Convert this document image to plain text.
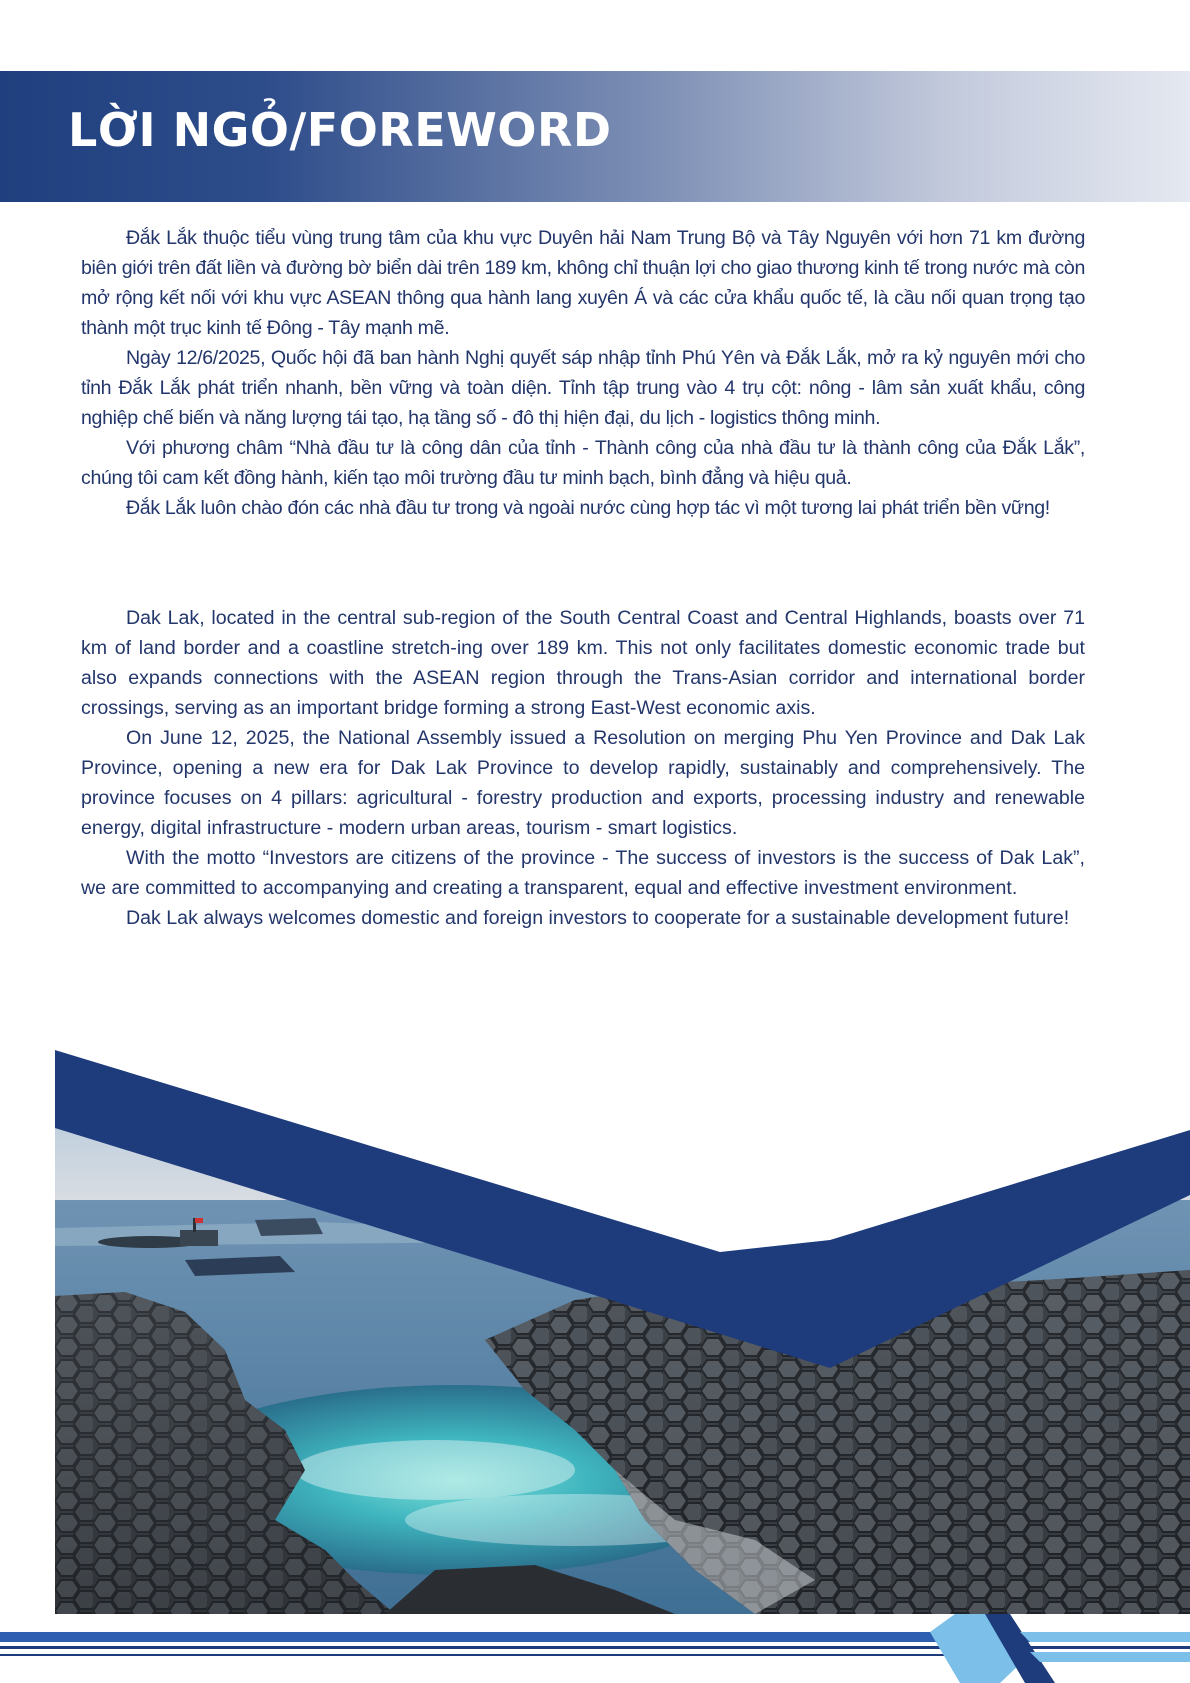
LỜI NGỎ/FOREWORD

Đắk Lắk thuộc tiểu vùng trung tâm của khu vực Duyên hải Nam Trung Bộ và Tây Nguyên với hơn 71 km đường biên giới trên đất liền và đường bờ biển dài trên 189 km, không chỉ thuận lợi cho giao thương kinh tế trong nước mà còn mở rộng kết nối với khu vực ASEAN thông qua hành lang xuyên Á và các cửa khẩu quốc tế, là cầu nối quan trọng tạo thành một trục kinh tế Đông - Tây mạnh mẽ.

Ngày 12/6/2025, Quốc hội đã ban hành Nghị quyết sáp nhập tỉnh Phú Yên và Đắk Lắk, mở ra kỷ nguyên mới cho tỉnh Đắk Lắk phát triển nhanh, bền vững và toàn diện. Tỉnh tập trung vào 4 trụ cột: nông - lâm sản xuất khẩu, công nghiệp chế biến và năng lượng tái tạo, hạ tầng số - đô thị hiện đại, du lịch - logistics thông minh.

Với phương châm “Nhà đầu tư là công dân của tỉnh - Thành công của nhà đầu tư là thành công của Đắk Lắk”, chúng tôi cam kết đồng hành, kiến tạo môi trường đầu tư minh bạch, bình đẳng và hiệu quả.

Đắk Lắk luôn chào đón các nhà đầu tư trong và ngoài nước cùng hợp tác vì một tương lai phát triển bền vững!

Dak Lak, located in the central sub-region of the South Central Coast and Central Highlands, boasts over 71 km of land border and a coastline stretch-ing over 189 km. This not only facilitates domestic economic trade but also expands connections with the ASEAN region through the Trans-Asian corridor and international border crossings, serving as an important bridge forming a strong East-West economic axis.

On June 12, 2025, the National Assembly issued a Resolution on merging Phu Yen Province and Dak Lak Province, opening a new era for Dak Lak Province to develop rapidly, sustainably and comprehensively. The province focuses on 4 pillars: agricultural - forestry production and exports, processing industry and renewable energy, digital infrastructure - modern urban areas, tourism - smart logistics.

With the motto “Investors are citizens of the province - The success of investors is the success of Dak Lak”, we are committed to accompanying and creating a transparent, equal and effective investment environment.

Dak Lak always welcomes domestic and foreign investors to cooperate for a sustainable development future!
